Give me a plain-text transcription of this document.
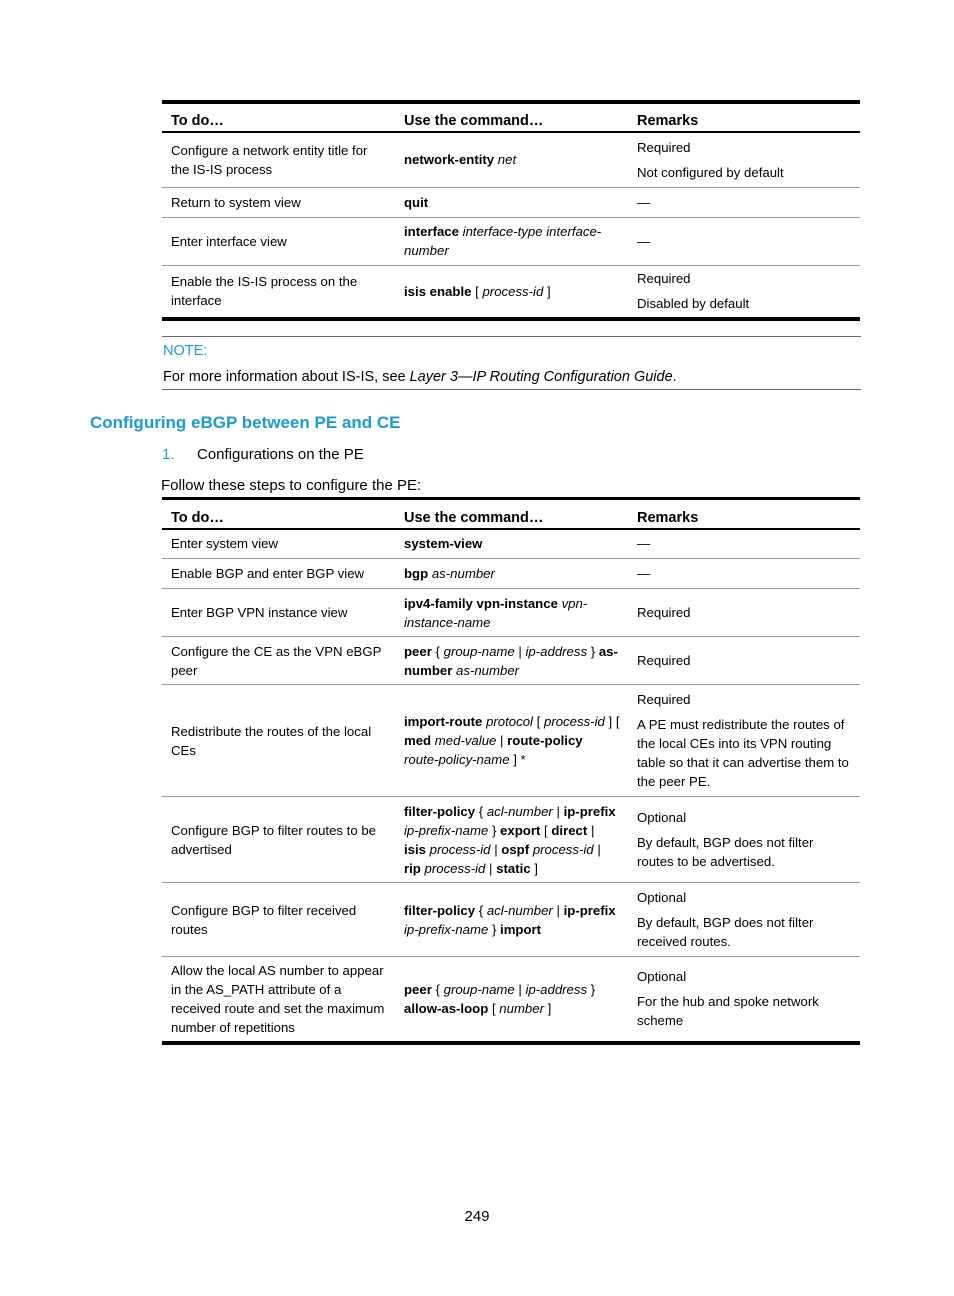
To do…	Use the command…	Remarks
Configure a network entity title for the IS-IS process	network-entity net	Required

Not configured by default

Return to system view	quit	—

Enter interface view	interface interface-type interface-number	—

Enable the IS-IS process on the interface	isis enable [ process-id ]	Required

Disabled by default

NOTE:
For more information about IS-IS, see Layer 3—IP Routing Configuration Guide.
Configuring eBGP between PE and CE
1. Configurations on the PE
Follow these steps to configure the PE:
To do…	Use the command…	Remarks
Enter system view	system-view	—

Enable BGP and enter BGP view	bgp as-number	—

Enter BGP VPN instance view	ipv4-family vpn-instance vpn-instance-name	Required

Configure the CE as the VPN eBGP peer	peer { group-name | ip-address } as-number as-number	Required

Redistribute the routes of the local CEs	import-route protocol [ process-id ] [ med med-value | route-policy route-policy-name ] *	Required

A PE must redistribute the routes of the local CEs into its VPN routing table so that it can advertise them to the peer PE.

Configure BGP to filter routes to be advertised	filter-policy { acl-number | ip-prefix ip-prefix-name } export [ direct | isis process-id | ospf process-id | rip process-id | static ]	Optional

By default, BGP does not filter routes to be advertised.

Configure BGP to filter received routes	filter-policy { acl-number | ip-prefix ip-prefix-name } import	Optional

By default, BGP does not filter received routes.

Allow the local AS number to appear in the AS_PATH attribute of a received route and set the maximum number of repetitions	peer { group-name | ip-address } allow-as-loop [ number ]	Optional

For the hub and spoke network scheme

249
